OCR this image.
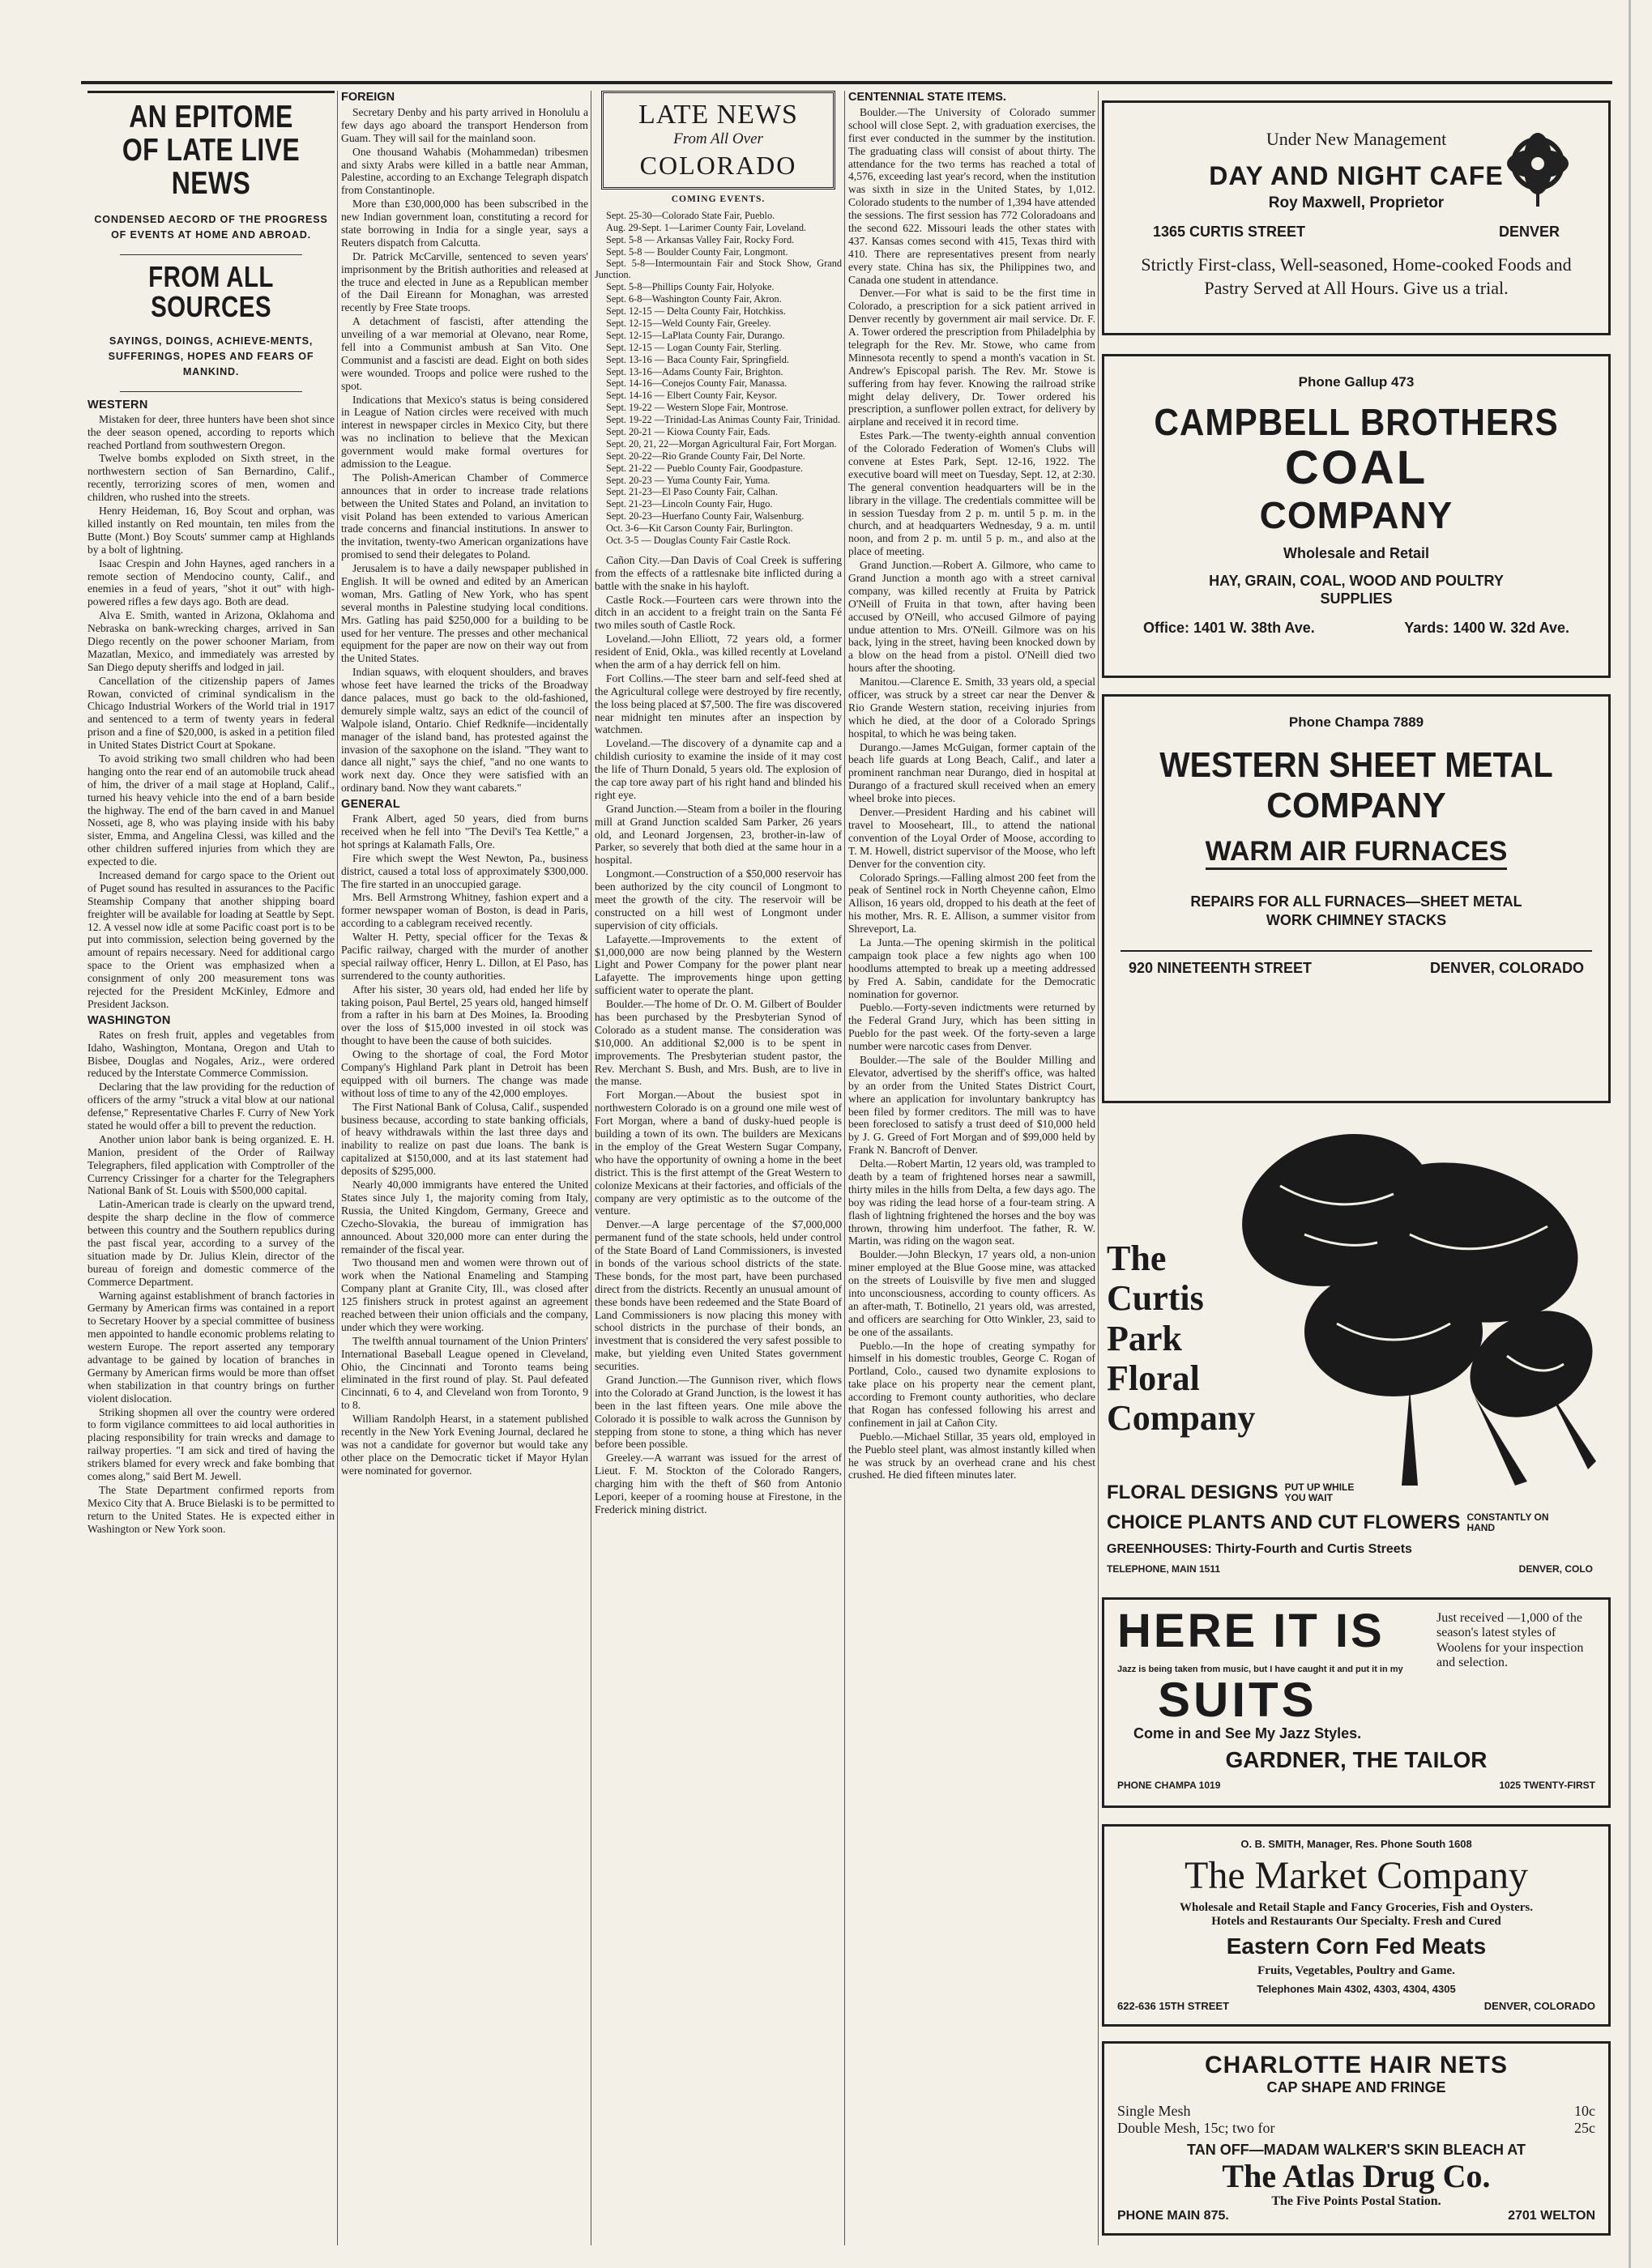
AN EPITOME OF LATE LIVE NEWS
CONDENSED AECORD OF THE PROGRESS OF EVENTS AT HOME AND ABROAD.
FROM ALL SOURCES
SAYINGS, DOINGS, ACHIEVE-MENTS, SUFFERINGS, HOPES AND FEARS OF MANKIND.
WESTERN

Mistaken for deer, three hunters have been shot since the deer season opened, according to reports which reached Portland from southwestern Oregon.

Twelve bombs exploded on Sixth street, in the northwestern section of San Bernardino, Calif., recently, terrorizing scores of men, women and children, who rushed into the streets.

Henry Heideman, 16, Boy Scout and orphan, was killed instantly on Red mountain, ten miles from the Butte (Mont.) Boy Scouts' summer camp at Highlands by a bolt of lightning.

Isaac Crespin and John Haynes, aged ranchers in a remote section of Mendocino county, Calif., and enemies in a feud of years, "shot it out" with high-powered rifles a few days ago. Both are dead.

Alva E. Smith, wanted in Arizona, Oklahoma and Nebraska on bank-wrecking charges, arrived in San Diego recently on the power schooner Mariam, from Mazatlan, Mexico, and immediately was arrested by San Diego deputy sheriffs and lodged in jail.

Cancellation of the citizenship papers of James Rowan, convicted of criminal syndicalism in the Chicago Industrial Workers of the World trial in 1917 and sentenced to a term of twenty years in federal prison and a fine of $20,000, is asked in a petition filed in United States District Court at Spokane.

To avoid striking two small children who had been hanging onto the rear end of an automobile truck ahead of him, the driver of a mail stage at Hopland, Calif., turned his heavy vehicle into the end of a barn beside the highway. The end of the barn caved in and Manuel Nosseti, age 8, who was playing inside with his baby sister, Emma, and Angelina Clessi, was killed and the other children suffered injuries from which they are expected to die.

Increased demand for cargo space to the Orient out of Puget sound has resulted in assurances to the Pacific Steamship Company that another shipping board freighter will be available for loading at Seattle by Sept. 12. A vessel now idle at some Pacific coast port is to be put into commission, selection being governed by the amount of repairs necessary. Need for additional cargo space to the Orient was emphasized when a consignment of only 200 measurement tons was rejected for the President McKinley, Edmore and President Jackson.

WASHINGTON

Rates on fresh fruit, apples and vegetables from Idaho, Washington, Montana, Oregon and Utah to Bisbee, Douglas and Nogales, Ariz., were ordered reduced by the Interstate Commerce Commission.

Declaring that the law providing for the reduction of officers of the army "struck a vital blow at our national defense," Representative Charles F. Curry of New York stated he would offer a bill to prevent the reduction.

Another union labor bank is being organized. E. H. Manion, president of the Order of Railway Telegraphers, filed application with Comptroller of the Currency Crissinger for a charter for the Telegraphers National Bank of St. Louis with $500,000 capital.

Latin-American trade is clearly on the upward trend, despite the sharp decline in the flow of commerce between this country and the Southern republics during the past fiscal year, according to a survey of the situation made by Dr. Julius Klein, director of the bureau of foreign and domestic commerce of the Commerce Department.

Warning against establishment of branch factories in Germany by American firms was contained in a report to Secretary Hoover by a special committee of business men appointed to handle economic problems relating to western Europe. The report asserted any temporary advantage to be gained by location of branches in Germany by American firms would be more than offset when stabilization in that country brings on further violent dislocation.

Striking shopmen all over the country were ordered to form vigilance committees to aid local authorities in placing responsibility for train wrecks and damage to railway properties. "I am sick and tired of having the strikers blamed for every wreck and fake bombing that comes along," said Bert M. Jewell.

The State Department confirmed reports from Mexico City that A. Bruce Bielaski is to be permitted to return to the United States. He is expected either in Washington or New York soon.

FOREIGN

Secretary Denby and his party arrived in Honolulu a few days ago aboard the transport Henderson from Guam. They will sail for the mainland soon.

One thousand Wahabis (Mohammedan) tribesmen and sixty Arabs were killed in a battle near Amman, Palestine, according to an Exchange Telegraph dispatch from Constantinople.

More than £30,000,000 has been subscribed in the new Indian government loan, constituting a record for state borrowing in India for a single year, says a Reuters dispatch from Calcutta.

Dr. Patrick McCarville, sentenced to seven years' imprisonment by the British authorities and released at the truce and elected in June as a Republican member of the Dail Eireann for Monaghan, was arrested recently by Free State troops.

A detachment of fascisti, after attending the unveiling of a war memorial at Olevano, near Rome, fell into a Communist ambush at San Vito. One Communist and a fascisti are dead. Eight on both sides were wounded. Troops and police were rushed to the spot.

Indications that Mexico's status is being considered in League of Nation circles were received with much interest in newspaper circles in Mexico City, but there was no inclination to believe that the Mexican government would make formal overtures for admission to the League.

The Polish-American Chamber of Commerce announces that in order to increase trade relations between the United States and Poland, an invitation to visit Poland has been extended to various American trade concerns and financial institutions. In answer to the invitation, twenty-two American organizations have promised to send their delegates to Poland.

Jerusalem is to have a daily newspaper published in English. It will be owned and edited by an American woman, Mrs. Gatling of New York, who has spent several months in Palestine studying local conditions. Mrs. Gatling has paid $250,000 for a building to be used for her venture. The presses and other mechanical equipment for the paper are now on their way out from the United States.

Indian squaws, with eloquent shoulders, and braves whose feet have learned the tricks of the Broadway dance palaces, must go back to the old-fashioned, demurely simple waltz, says an edict of the council of Walpole island, Ontario. Chief Redknife—incidentally manager of the island band, has protested against the invasion of the saxophone on the island. "They want to dance all night," says the chief, "and no one wants to work next day. Once they were satisfied with an ordinary band. Now they want cabarets."

GENERAL

Frank Albert, aged 50 years, died from burns received when he fell into "The Devil's Tea Kettle," a hot springs at Kalamath Falls, Ore.

Fire which swept the West Newton, Pa., business district, caused a total loss of approximately $300,000. The fire started in an unoccupied garage.

Mrs. Bell Armstrong Whitney, fashion expert and a former newspaper woman of Boston, is dead in Paris, according to a cablegram received recently.

Walter H. Petty, special officer for the Texas & Pacific railway, charged with the murder of another special railway officer, Henry L. Dillon, at El Paso, has surrendered to the county authorities.

After his sister, 30 years old, had ended her life by taking poison, Paul Bertel, 25 years old, hanged himself from a rafter in his barn at Des Moines, Ia. Brooding over the loss of $15,000 invested in oil stock was thought to have been the cause of both suicides.

Owing to the shortage of coal, the Ford Motor Company's Highland Park plant in Detroit has been equipped with oil burners. The change was made without loss of time to any of the 42,000 employes.

The First National Bank of Colusa, Calif., suspended business because, according to state banking officials, of heavy withdrawals within the last three days and inability to realize on past due loans. The bank is capitalized at $150,000, and at its last statement had deposits of $295,000.

Nearly 40,000 immigrants have entered the United States since July 1, the majority coming from Italy, Russia, the United Kingdom, Germany, Greece and Czecho-Slovakia, the bureau of immigration has announced. About 320,000 more can enter during the remainder of the fiscal year.

Two thousand men and women were thrown out of work when the National Enameling and Stamping Company plant at Granite City, Ill., was closed after 125 finishers struck in protest against an agreement reached between their union officials and the company, under which they were working.

The twelfth annual tournament of the Union Printers' International Baseball League opened in Cleveland, Ohio, the Cincinnati and Toronto teams being eliminated in the first round of play. St. Paul defeated Cincinnati, 6 to 4, and Cleveland won from Toronto, 9 to 8.

William Randolph Hearst, in a statement published recently in the New York Evening Journal, declared he was not a candidate for governor but would take any other place on the Democratic ticket if Mayor Hylan were nominated for governor.

LATE NEWS
From All Over
COLORADO
COMING EVENTS.

Sept. 25-30—Colorado State Fair, Pueblo.

Aug. 29-Sept. 1—Larimer County Fair, Loveland.

Sept. 5-8 — Arkansas Valley Fair, Rocky Ford.

Sept. 5-8 — Boulder County Fair, Longmont.

Sept. 5-8—Intermountain Fair and Stock Show, Grand Junction.

Sept. 5-8—Phillips County Fair, Holyoke.

Sept. 6-8—Washington County Fair, Akron.

Sept. 12-15 — Delta County Fair, Hotchkiss.

Sept. 12-15—Weld County Fair, Greeley.

Sept. 12-15—LaPlata County Fair, Durango.

Sept. 12-15 — Logan County Fair, Sterling.

Sept. 13-16 — Baca County Fair, Springfield.

Sept. 13-16—Adams County Fair, Brighton.

Sept. 14-16—Conejos County Fair, Manassa.

Sept. 14-16 — Elbert County Fair, Keysor.

Sept. 19-22 — Western Slope Fair, Montrose.

Sept. 19-22 —Trinidad-Las Animas County Fair, Trinidad.

Sept. 20-21 — Kiowa County Fair, Eads.

Sept. 20, 21, 22—Morgan Agricultural Fair, Fort Morgan.

Sept. 20-22—Rio Grande County Fair, Del Norte.

Sept. 21-22 — Pueblo County Fair, Goodpasture.

Sept. 20-23 — Yuma County Fair, Yuma.

Sept. 21-23—El Paso County Fair, Calhan.

Sept. 21-23—Lincoln County Fair, Hugo.

Sept. 20-23—Huerfano County Fair, Walsenburg.

Oct. 3-6—Kit Carson County Fair, Burlington.

Oct. 3-5 — Douglas County Fair Castle Rock.

Cañon City.—Dan Davis of Coal Creek is suffering from the effects of a rattlesnake bite inflicted during a battle with the snake in his hayloft.

Castle Rock.—Fourteen cars were thrown into the ditch in an accident to a freight train on the Santa Fé two miles south of Castle Rock.

Loveland.—John Elliott, 72 years old, a former resident of Enid, Okla., was killed recently at Loveland when the arm of a hay derrick fell on him.

Fort Collins.—The steer barn and self-feed shed at the Agricultural college were destroyed by fire recently, the loss being placed at $7,500. The fire was discovered near midnight ten minutes after an inspection by watchmen.

Loveland.—The discovery of a dynamite cap and a childish curiosity to examine the inside of it may cost the life of Thurn Donald, 5 years old. The explosion of the cap tore away part of his right hand and blinded his right eye.

Grand Junction.—Steam from a boiler in the flouring mill at Grand Junction scalded Sam Parker, 26 years old, and Leonard Jorgensen, 23, brother-in-law of Parker, so severely that both died at the same hour in a hospital.

Longmont.—Construction of a $50,000 reservoir has been authorized by the city council of Longmont to meet the growth of the city. The reservoir will be constructed on a hill west of Longmont under supervision of city officials.

Lafayette.—Improvements to the extent of $1,000,000 are now being planned by the Western Light and Power Company for the power plant near Lafayette. The improvements hinge upon getting sufficient water to operate the plant.

Boulder.—The home of Dr. O. M. Gilbert of Boulder has been purchased by the Presbyterian Synod of Colorado as a student manse. The consideration was $10,000. An additional $2,000 is to be spent in improvements. The Presbyterian student pastor, the Rev. Merchant S. Bush, and Mrs. Bush, are to live in the manse.

Fort Morgan.—About the busiest spot in northwestern Colorado is on a ground one mile west of Fort Morgan, where a band of dusky-hued people is building a town of its own. The builders are Mexicans in the employ of the Great Western Sugar Company, who have the opportunity of owning a home in the beet district. This is the first attempt of the Great Western to colonize Mexicans at their factories, and officials of the company are very optimistic as to the outcome of the venture.

Denver.—A large percentage of the $7,000,000 permanent fund of the state schools, held under control of the State Board of Land Commissioners, is invested in bonds of the various school districts of the state. These bonds, for the most part, have been purchased direct from the districts. Recently an unusual amount of these bonds have been redeemed and the State Board of Land Commissioners is now placing this money with school districts in the purchase of their bonds, an investment that is considered the very safest possible to make, but yielding even United States government securities.

Grand Junction.—The Gunnison river, which flows into the Colorado at Grand Junction, is the lowest it has been in the last fifteen years. One mile above the Colorado it is possible to walk across the Gunnison by stepping from stone to stone, a thing which has never before been possible.

Greeley.—A warrant was issued for the arrest of Lieut. F. M. Stockton of the Colorado Rangers, charging him with the theft of $60 from Antonio Lepori, keeper of a rooming house at Firestone, in the Frederick mining district.

CENTENNIAL STATE ITEMS.

Boulder.—The University of Colorado summer school will close Sept. 2, with graduation exercises, the first ever conducted in the summer by the institution. The graduating class will consist of about thirty. The attendance for the two terms has reached a total of 4,576, exceeding last year's record, when the institution was sixth in size in the United States, by 1,012. Colorado students to the number of 1,394 have attended the sessions. The first session has 772 Coloradoans and the second 622. Missouri leads the other states with 437. Kansas comes second with 415, Texas third with 410. There are representatives present from nearly every state. China has six, the Philippines two, and Canada one student in attendance.

Denver.—For what is said to be the first time in Colorado, a prescription for a sick patient arrived in Denver recently by government air mail service. Dr. F. A. Tower ordered the prescription from Philadelphia by telegraph for the Rev. Mr. Stowe, who came from Minnesota recently to spend a month's vacation in St. Andrew's Episcopal parish. The Rev. Mr. Stowe is suffering from hay fever. Knowing the railroad strike might delay delivery, Dr. Tower ordered his prescription, a sunflower pollen extract, for delivery by airplane and received it in record time.

Estes Park.—The twenty-eighth annual convention of the Colorado Federation of Women's Clubs will convene at Estes Park, Sept. 12-16, 1922. The executive board will meet on Tuesday, Sept. 12, at 2:30. The general convention headquarters will be in the library in the village. The credentials committee will be in session Tuesday from 2 p. m. until 5 p. m. in the church, and at headquarters Wednesday, 9 a. m. until noon, and from 2 p. m. until 5 p. m., and also at the place of meeting.

Grand Junction.—Robert A. Gilmore, who came to Grand Junction a month ago with a street carnival company, was killed recently at Fruita by Patrick O'Neill of Fruita in that town, after having been accused by O'Neill, who accused Gilmore of paying undue attention to Mrs. O'Neill. Gilmore was on his back, lying in the street, having been knocked down by a blow on the head from a pistol. O'Neill died two hours after the shooting.

Manitou.—Clarence E. Smith, 33 years old, a special officer, was struck by a street car near the Denver & Rio Grande Western station, receiving injuries from which he died, at the door of a Colorado Springs hospital, to which he was being taken.

Durango.—James McGuigan, former captain of the beach life guards at Long Beach, Calif., and later a prominent ranchman near Durango, died in hospital at Durango of a fractured skull received when an emery wheel broke into pieces.

Denver.—President Harding and his cabinet will travel to Mooseheart, Ill., to attend the national convention of the Loyal Order of Moose, according to T. M. Howell, district supervisor of the Moose, who left Denver for the convention city.

Colorado Springs.—Falling almost 200 feet from the peak of Sentinel rock in North Cheyenne cañon, Elmo Allison, 16 years old, dropped to his death at the feet of his mother, Mrs. R. E. Allison, a summer visitor from Shreveport, La.

La Junta.—The opening skirmish in the political campaign took place a few nights ago when 100 hoodlums attempted to break up a meeting addressed by Fred A. Sabin, candidate for the Democratic nomination for governor.

Pueblo.—Forty-seven indictments were returned by the Federal Grand Jury, which has been sitting in Pueblo for the past week. Of the forty-seven a large number were narcotic cases from Denver.

Boulder.—The sale of the Boulder Milling and Elevator, advertised by the sheriff's office, was halted by an order from the United States District Court, where an application for involuntary bankruptcy has been filed by former creditors. The mill was to have been foreclosed to satisfy a trust deed of $10,000 held by J. G. Greed of Fort Morgan and of $99,000 held by Frank N. Bancroft of Denver.

Delta.—Robert Martin, 12 years old, was trampled to death by a team of frightened horses near a sawmill, thirty miles in the hills from Delta, a few days ago. The boy was riding the lead horse of a four-team string. A flash of lightning frightened the horses and the boy was thrown, throwing him underfoot. The father, R. W. Martin, was riding on the wagon seat.

Boulder.—John Bleckyn, 17 years old, a non-union miner employed at the Blue Goose mine, was attacked on the streets of Louisville by five men and slugged into unconsciousness, according to county officers. As an after-math, T. Botinello, 21 years old, was arrested, and officers are searching for Otto Winkler, 23, said to be one of the assailants.

Pueblo.—In the hope of creating sympathy for himself in his domestic troubles, George C. Rogan of Portland, Colo., caused two dynamite explosions to take place on his property near the cement plant, according to Fremont county authorities, who declare that Rogan has confessed following his arrest and confinement in jail at Cañon City.

Pueblo.—Michael Stillar, 35 years old, employed in the Pueblo steel plant, was almost instantly killed when he was struck by an overhead crane and his chest crushed. He died fifteen minutes later.

Under New Management
DAY AND NIGHT CAFE
Roy Maxwell, Proprietor
1365 CURTIS STREET	DENVER
Strictly First-class, Well-seasoned, Home-cooked Foods and Pastry Served at All Hours. Give us a trial.
Phone Gallup 473
CAMPBELL BROTHERS
COAL
COMPANY
Wholesale and Retail
HAY, GRAIN, COAL, WOOD AND POULTRY SUPPLIES
Office: 1401 W. 38th Ave.	Yards: 1400 W. 32d Ave.
Phone Champa 7889
WESTERN SHEET METAL
COMPANY
WARM AIR FURNACES
REPAIRS FOR ALL FURNACES—SHEET METAL WORK CHIMNEY STACKS
920 NINETEENTH STREET	DENVER, COLORADO
The
Curtis
Park
Floral
Company
FLORAL DESIGNS PUT UP WHILE YOU WAIT
CHOICE PLANTS AND CUT FLOWERS CONSTANTLY ON HAND
GREENHOUSES: Thirty-Fourth and Curtis Streets
TELEPHONE, MAIN 1511	DENVER, COLO
HERE IT IS	Just received —1,000 of the season's latest styles of Woolens for your inspection and selection.
Jazz is being taken from music, but I have caught it and put it in my
SUITS
Come in and See My Jazz Styles.
GARDNER, THE TAILOR
PHONE CHAMPA 1019	1025 TWENTY-FIRST
O. B. SMITH, Manager, Res. Phone South 1608
The Market Company
Wholesale and Retail Staple and Fancy Groceries, Fish and Oysters.
Hotels and Restaurants Our Specialty. Fresh and Cured
Eastern Corn Fed Meats
Fruits, Vegetables, Poultry and Game.
Telephones Main 4302, 4303, 4304, 4305
622-636 15TH STREET	DENVER, COLORADO
CHARLOTTE HAIR NETS
CAP SHAPE AND FRINGE
Single Mesh	10c
Double Mesh, 15c; two for	25c
TAN OFF—MADAM WALKER'S SKIN BLEACH AT
The Atlas Drug Co.
The Five Points Postal Station.
PHONE MAIN 875.	2701 WELTON
